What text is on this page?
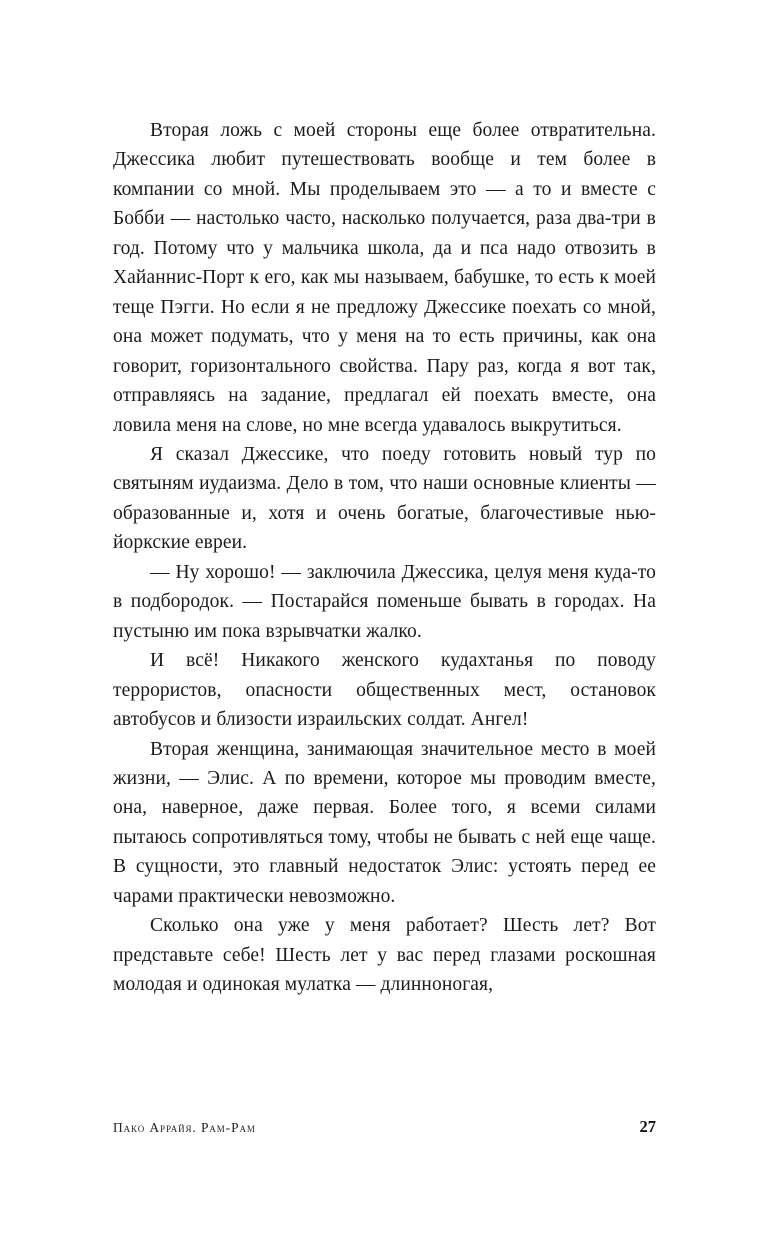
Вторая ложь с моей стороны еще более отвратительна. Джессика любит путешествовать вообще и тем более в компании со мной. Мы проделываем это — а то и вместе с Бобби — настолько часто, насколько получается, раза два-три в год. Потому что у мальчика школа, да и пса надо отвозить в Хайаннис-Порт к его, как мы называем, бабушке, то есть к моей теще Пэгги. Но если я не предложу Джессике поехать со мной, она может подумать, что у меня на то есть причины, как она говорит, горизонтального свойства. Пару раз, когда я вот так, отправляясь на задание, предлагал ей поехать вместе, она ловила меня на слове, но мне всегда удавалось выкрутиться.

Я сказал Джессике, что поеду готовить новый тур по святыням иудаизма. Дело в том, что наши основные клиенты — образованные и, хотя и очень богатые, благочестивые нью-йоркские евреи.

— Ну хорошо! — заключила Джессика, целуя меня куда-то в подбородок. — Постарайся поменьше бывать в городах. На пустыню им пока взрывчатки жалко.

И всё! Никакого женского кудахтанья по поводу террористов, опасности общественных мест, остановок автобусов и близости израильских солдат. Ангел!

Вторая женщина, занимающая значительное место в моей жизни, — Элис. А по времени, которое мы проводим вместе, она, наверное, даже первая. Более того, я всеми силами пытаюсь сопротивляться тому, чтобы не бывать с ней еще чаще. В сущности, это главный недостаток Элис: устоять перед ее чарами практически невозможно.

Сколько она уже у меня работает? Шесть лет? Вот представьте себе! Шесть лет у вас перед глазами роскошная молодая и одинокая мулатка — длинноногая,

Пако Аррайя. Рам-Рам	27
